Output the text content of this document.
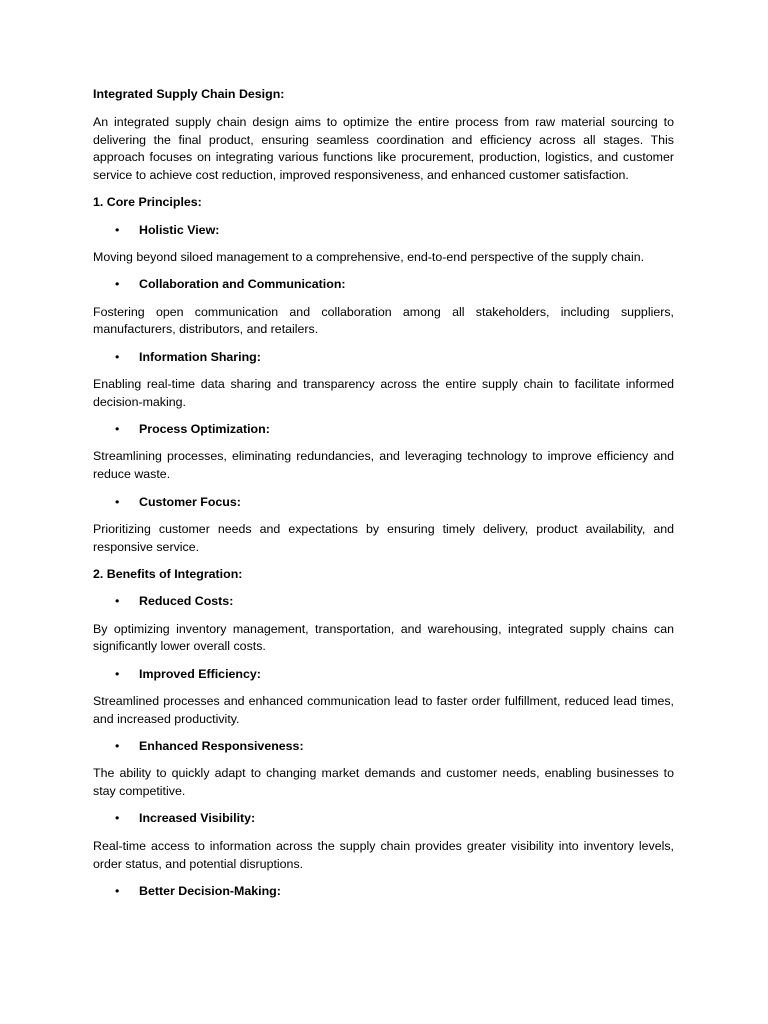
Integrated Supply Chain Design:
An integrated supply chain design aims to optimize the entire process from raw material sourcing to delivering the final product, ensuring seamless coordination and efficiency across all stages. This approach focuses on integrating various functions like procurement, production, logistics, and customer service to achieve cost reduction, improved responsiveness, and enhanced customer satisfaction.
1. Core Principles:
• Holistic View:
Moving beyond siloed management to a comprehensive, end-to-end perspective of the supply chain.
• Collaboration and Communication:
Fostering open communication and collaboration among all stakeholders, including suppliers, manufacturers, distributors, and retailers.
• Information Sharing:
Enabling real-time data sharing and transparency across the entire supply chain to facilitate informed decision-making.
• Process Optimization:
Streamlining processes, eliminating redundancies, and leveraging technology to improve efficiency and reduce waste.
• Customer Focus:
Prioritizing customer needs and expectations by ensuring timely delivery, product availability, and responsive service.
2. Benefits of Integration:
• Reduced Costs:
By optimizing inventory management, transportation, and warehousing, integrated supply chains can significantly lower overall costs.
• Improved Efficiency:
Streamlined processes and enhanced communication lead to faster order fulfillment, reduced lead times, and increased productivity.
• Enhanced Responsiveness:
The ability to quickly adapt to changing market demands and customer needs, enabling businesses to stay competitive.
• Increased Visibility:
Real-time access to information across the supply chain provides greater visibility into inventory levels, order status, and potential disruptions.
• Better Decision-Making:
